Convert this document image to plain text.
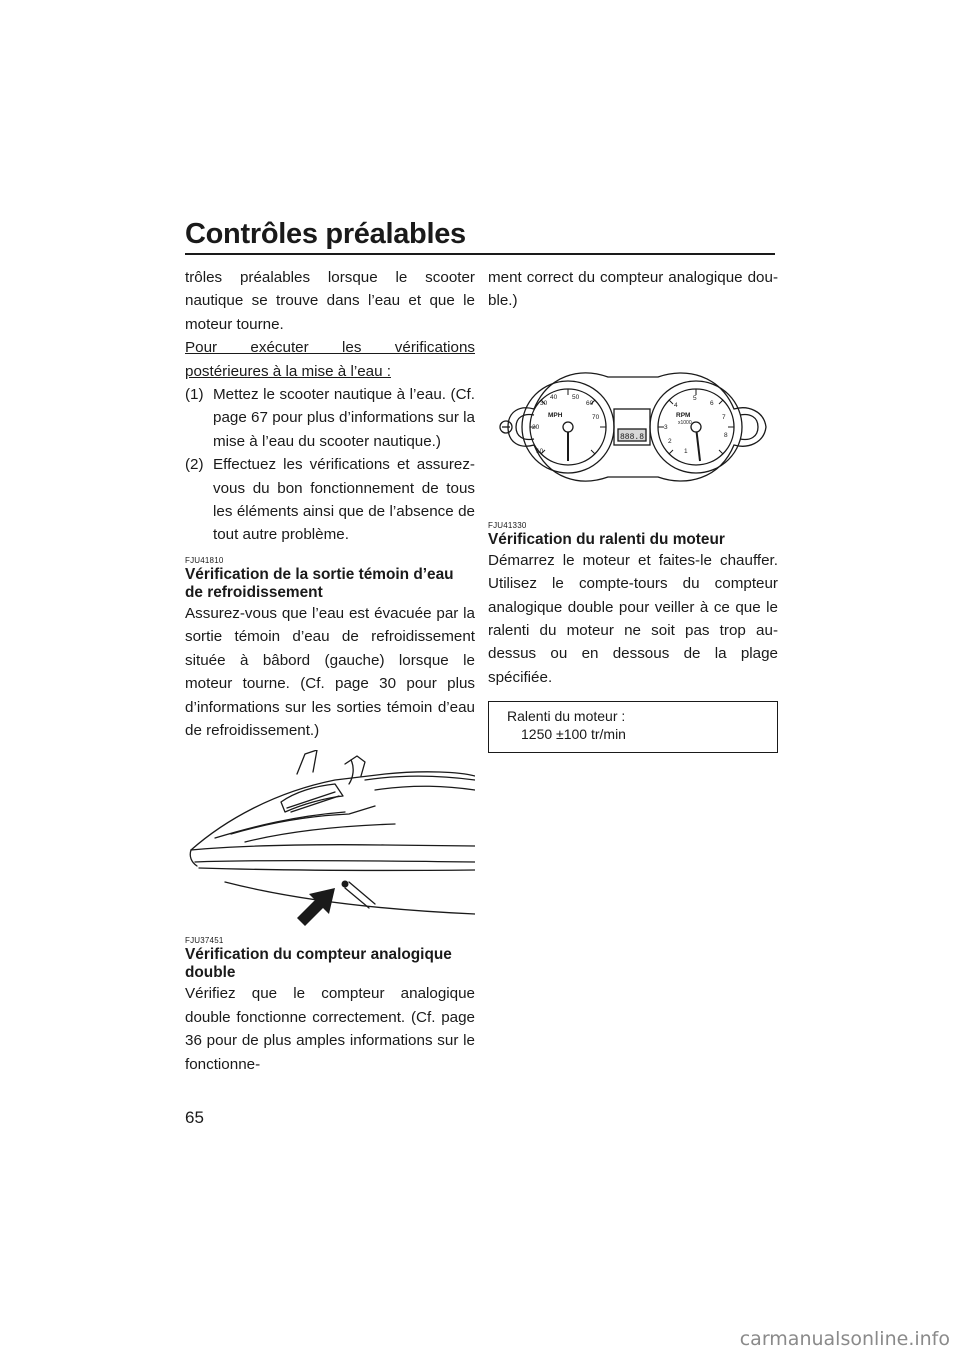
Contrôles préalables

trôles préalables lorsque le scooter nautique se trouve dans l’eau et que le moteur tourne.

Pour exécuter les vérifications postérieures à la mise à l’eau :

(1) Mettez le scooter nautique à l’eau. (Cf. page 67 pour plus d’informations sur la mise à l’eau du scooter nautique.)
(2) Effectuez les vérifications et assurez-vous du bon fonctionnement de tous les éléments ainsi que de l’absence de tout autre problème.
FJU41810

Vérification de la sortie témoin d’eau de refroidissement

Assurez-vous que l’eau est évacuée par la sortie témoin d’eau de refroidissement située à bâbord (gauche) lorsque le moteur tourne. (Cf. page 30 pour plus d’informations sur les sorties témoin d’eau de refroidissement.)

FJU37451

Vérification du compteur analogique double

Vérifiez que le compteur analogique double fonctionne correctement. (Cf. page 36 pour de plus amples informations sur le fonctionne-

ment correct du compteur analogique double.)

MPH	RPM
x1000
888.8
10
20
30
40 50
60
70
1
2
3
4
5
6
7
8
FJU41330

Vérification du ralenti du moteur

Démarrez le moteur et faites-le chauffer. Utilisez le compte-tours du compteur analogique double pour veiller à ce que le ralenti du moteur ne soit pas trop au-dessus ou en dessous de la plage spécifiée.

Ralenti du moteur :
1250 ±100 tr/min
65
carmanualsonline.info
